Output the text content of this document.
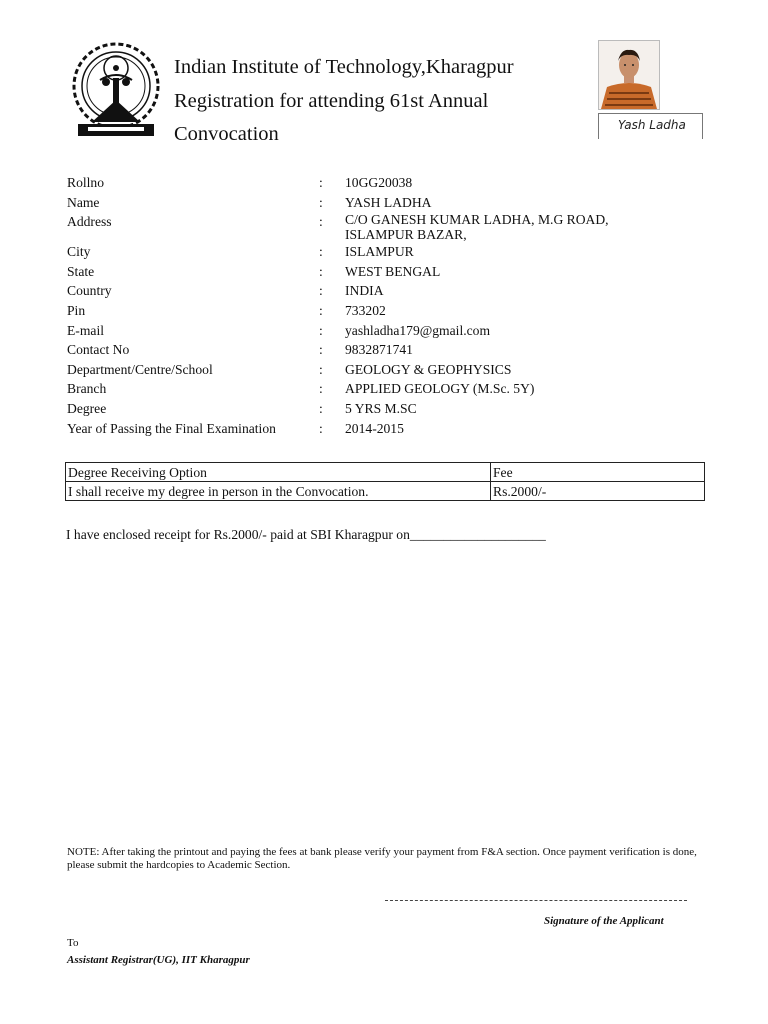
Indian Institute of Technology,Kharagpur
Registration for attending 61st Annual
Convocation	Yash Ladha
Rollno	:	10GG20038
Name	:	YASH LADHA
Address	:	C/O GANESH KUMAR LADHA, M.G ROAD,
ISLAMPUR BAZAR,
City	:	ISLAMPUR
State	:	WEST BENGAL
Country	:	INDIA
Pin	:	733202
E-mail	:	yashladha179@gmail.com
Contact No	:	9832871741
Department/Centre/School	:	GEOLOGY & GEOPHYSICS
Branch	:	APPLIED GEOLOGY (M.Sc. 5Y)
Degree	:	5 YRS M.SC
Year of Passing the Final Examination	:	2014-2015
Degree Receiving Option	Fee
I shall receive my degree in person in the Convocation.	Rs.2000/-
I have enclosed receipt for Rs.2000/- paid at SBI Kharagpur on____________________
NOTE: After taking the printout and paying the fees at bank please verify your payment from F&A section. Once payment verification is done, please submit the hardcopies to Academic Section.
Signature of the Applicant
To
Assistant Registrar(UG), IIT Kharagpur
